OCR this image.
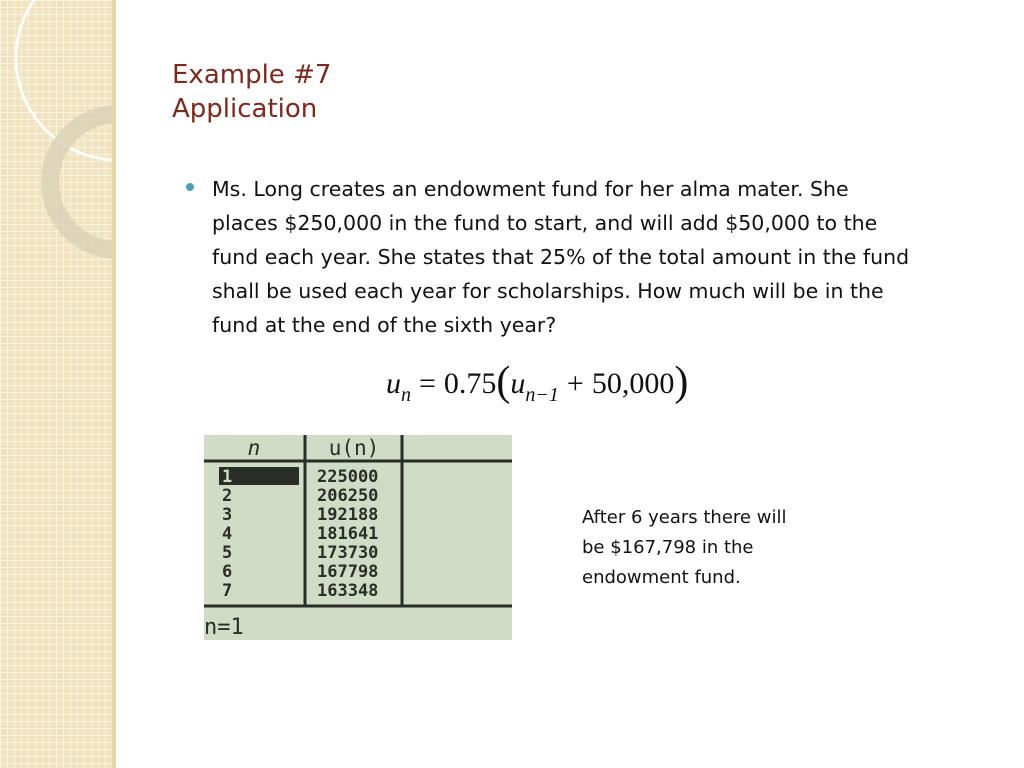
Example #7
Application
Ms. Long creates an endowment fund for her alma mater. She
places $250,000 in the fund to start, and will add $50,000 to the
fund each year. She states that 25% of the total amount in the fund
shall be used each year for scholarships. How much will be in the
fund at the end of the sixth year?
$u_n = 0.75(u_{n-1} + 50,000)$
n	u(n)
1	225000
2	206250
3	192188
4	181641
5	173730
6	167798
7	163348
n=1
After 6 years there will
be $167,798 in the
endowment fund.
